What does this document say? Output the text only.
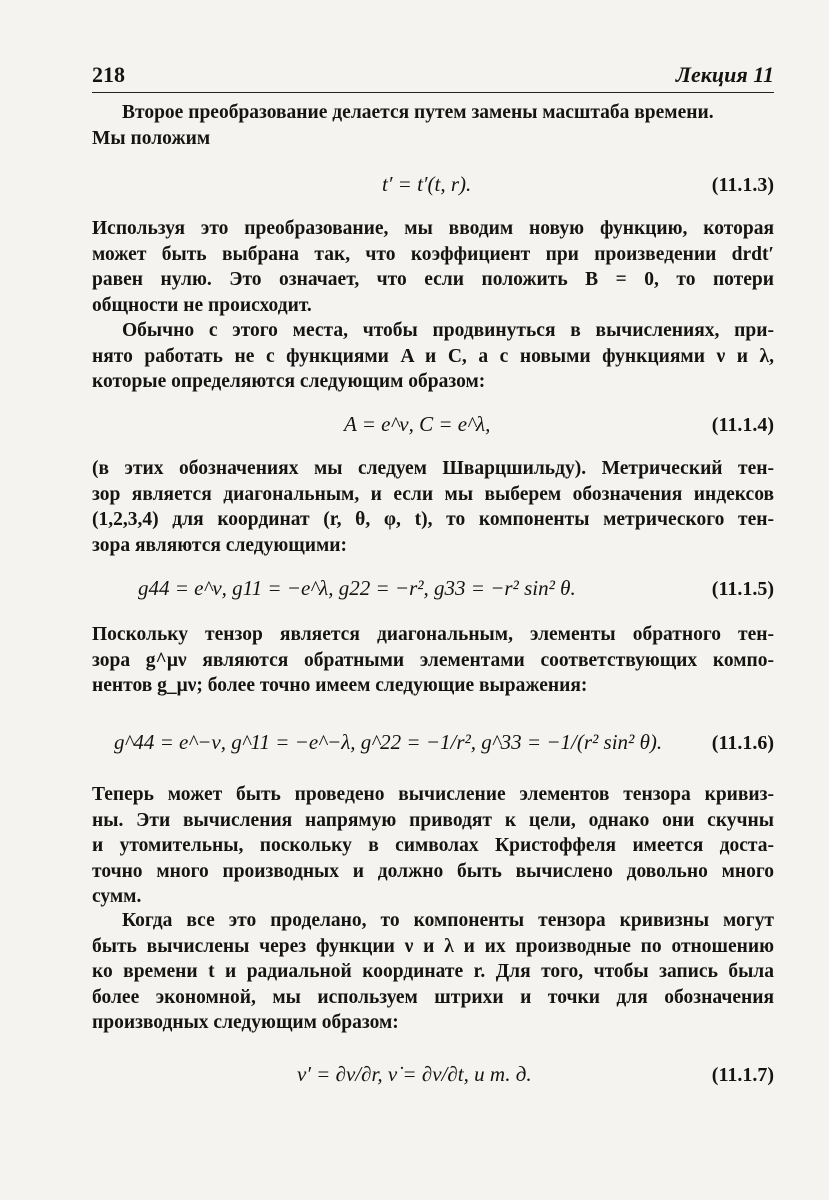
218	Лекция 11
Второе преобразование делается путем замены масштаба времени.
Мы положим
t′ = t′(t, r).	(11.1.3)
Используя это преобразование, мы вводим новую функцию, которая
может быть выбрана так, что коэффициент при произведении drdt′
равен нулю. Это означает, что если положить B = 0, то потери
общности не происходит.
Обычно с этого места, чтобы продвинуться в вычислениях, при-
нято работать не с функциями A и C, а с новыми функциями ν и λ,
которые определяются следующим образом:
A = e^ν, C = e^λ,	(11.1.4)
(в этих обозначениях мы следуем Шварцшильду). Метрический тен-
зор является диагональным, и если мы выберем обозначения индексов
(1,2,3,4) для координат (r, θ, φ, t), то компоненты метрического тен-
зора являются следующими:
g44 = e^ν, g11 = −e^λ, g22 = −r², g33 = −r² sin² θ.	(11.1.5)
Поскольку тензор является диагональным, элементы обратного тен-
зора g^μν являются обратными элементами соответствующих компо-
нентов g_μν; более точно имеем следующие выражения:
g^44 = e^−ν, g^11 = −e^−λ, g^22 = −1/r², g^33 = −1/(r² sin² θ). (11.1.6)
Теперь может быть проведено вычисление элементов тензора кривиз-
ны. Эти вычисления напрямую приводят к цели, однако они скучны
и утомительны, поскольку в символах Кристоффеля имеется доста-
точно много производных и должно быть вычислено довольно много
сумм.
Когда все это проделано, то компоненты тензора кривизны могут
быть вычислены через функции ν и λ и их производные по отношению
ко времени t и радиальной координате r. Для того, чтобы запись была
более экономной, мы используем штрихи и точки для обозначения
производных следующим образом:
ν′ = ∂ν/∂r, ν̇ = ∂ν/∂t, и т. д.	(11.1.7)
